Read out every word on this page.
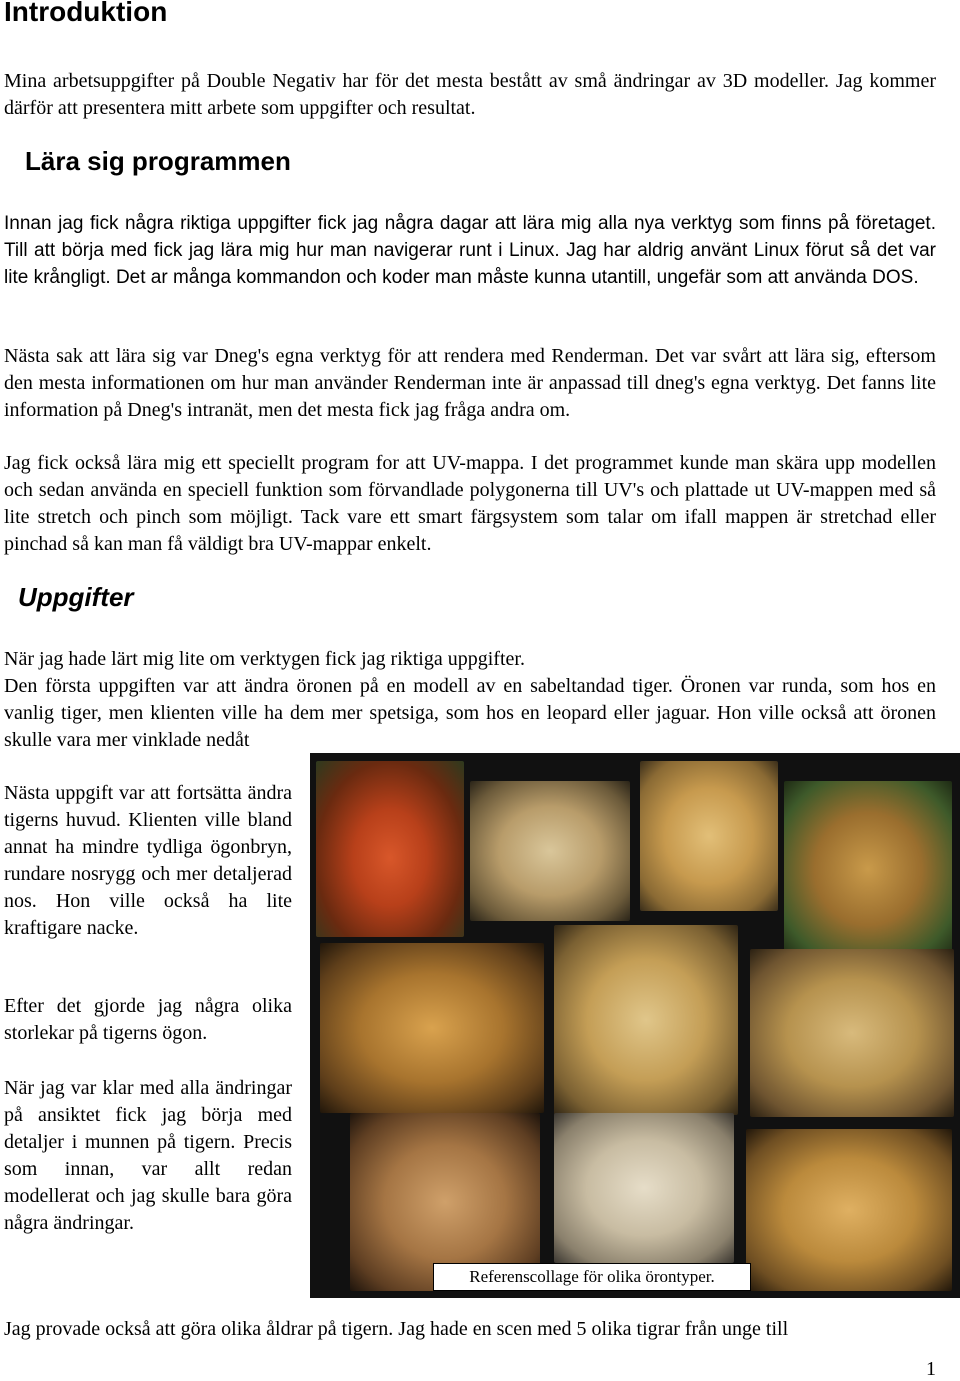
Introduktion

Mina arbetsuppgifter på Double Negativ har för det mesta bestått av små ändringar av 3D modeller. Jag kommer därför att presentera mitt arbete som uppgifter och resultat.

Lära sig programmen

Innan jag fick några riktiga uppgifter fick jag några dagar att lära mig alla nya verktyg som finns på företaget. Till att börja med fick jag lära mig hur man navigerar runt i Linux. Jag har aldrig använt Linux förut så det var lite krångligt. Det ar många kommandon och koder man måste kunna utantill, ungefär som att använda DOS.

Nästa sak att lära sig var Dneg's egna verktyg för att rendera med Renderman. Det var svårt att lära sig, eftersom den mesta informationen om hur man använder Renderman inte är anpassad till dneg's egna verktyg. Det fanns lite information på Dneg's intranät, men det mesta fick jag fråga andra om.

Jag fick också lära mig ett speciellt program for att UV-mappa. I det programmet kunde man skära upp modellen och sedan använda en speciell funktion som förvandlade polygonerna till UV's och plattade ut UV-mappen med så lite stretch och pinch som möjligt. Tack vare ett smart färgsystem som talar om ifall mappen är stretchad eller pinchad så kan man få väldigt bra UV-mappar enkelt.

Uppgifter

När jag hade lärt mig lite om verktygen fick jag riktiga uppgifter.

Den första uppgiften var att ändra öronen på en modell av en sabeltandad tiger. Öronen var runda, som hos en vanlig tiger, men klienten ville ha dem mer spetsiga, som hos en leopard eller jaguar. Hon ville också att öronen skulle vara mer vinklade nedåt

Nästa uppgift var att fortsätta ändra tigerns huvud. Klienten ville bland annat ha mindre tydliga ögonbryn, rundare nosrygg och mer detaljerad nos. Hon ville också ha lite kraftigare nacke.

Efter det gjorde jag några olika storlekar på tigerns ögon.

När jag var klar med alla ändringar på ansiktet fick jag börja med detaljer i munnen på tigern. Precis som innan, var allt redan modellerat och jag skulle bara göra några ändringar.

Referenscollage för olika örontyper.

Jag provade också att göra olika åldrar på tigern. Jag hade en scen med 5 olika tigrar från unge till

1
